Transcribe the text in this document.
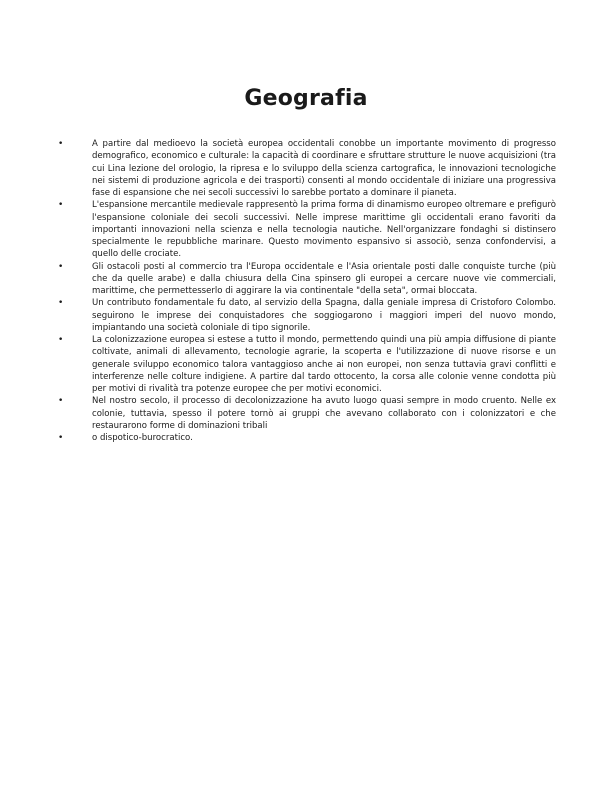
Geografia
•	A partire dal medioevo la società europea occidentali conobbe un importante movimento di progresso demografico, economico e culturale: la capacità di coordinare e sfruttare strutture le nuove acquisizioni (tra cui Lina lezione del orologio, la ripresa e lo sviluppo della scienza cartografica, le innovazioni tecnologiche nei sistemi di produzione agricola e dei trasporti) consenti al mondo occidentale di iniziare una progressiva fase di espansione che nei secoli successivi lo sarebbe portato a dominare il pianeta.
•	L'espansione mercantile medievale rappresentò la prima forma di dinamismo europeo oltremare e prefigurò l'espansione coloniale dei secoli successivi. Nelle imprese marittime gli occidentali erano favoriti da importanti innovazioni nella scienza e nella tecnologia nautiche. Nell'organizzare fondaghi si distinsero specialmente le repubbliche marinare. Questo movimento espansivo si associò, senza confondervisi, a quello delle crociate.
•	Gli ostacoli posti al commercio tra l'Europa occidentale e l'Asia orientale posti dalle conquiste turche (più che da quelle arabe) e dalla chiusura della Cina spinsero gli europei a cercare nuove vie commerciali, marittime, che permettesserlo di aggirare la via continentale "della seta", ormai bloccata.
•	Un contributo fondamentale fu dato, al servizio della Spagna, dalla geniale impresa di Cristoforo Colombo. seguirono le imprese dei conquistadores che soggiogarono i maggiori imperi del nuovo mondo, impiantando una società coloniale di tipo signorile.
•	La colonizzazione europea si estese a tutto il mondo, permettendo quindi una più ampia diffusione di piante coltivate, animali di allevamento, tecnologie agrarie, la scoperta e l'utilizzazione di nuove risorse e un generale sviluppo economico talora vantaggioso anche ai non europei, non senza tuttavia gravi conflitti e interferenze nelle colture indigiene. A partire dal tardo ottocento, la corsa alle colonie venne condotta più per motivi di rivalità tra potenze europee che per motivi economici.
•	Nel nostro secolo, il processo di decolonizzazione ha avuto luogo quasi sempre in modo cruento. Nelle ex colonie, tuttavia, spesso il potere tornò ai gruppi che avevano collaborato con i colonizzatori e che restaurarono forme di dominazioni tribali
•	o dispotico-burocratico.
